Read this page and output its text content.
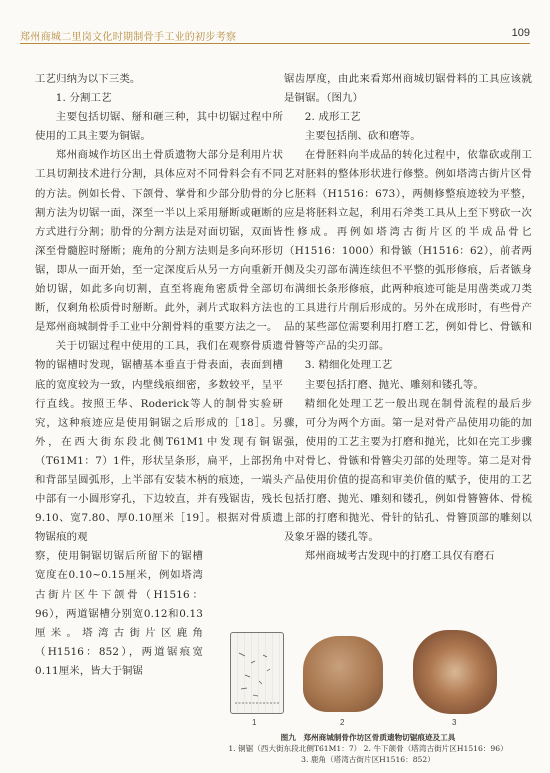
郑州商城二里岗文化时期制骨手工业的初步考察	109

工艺归纳为以下三类。

1. 分割工艺

主要包括切锯、掰和砸三种，其中切锯过程中所使用的工具主要为铜锯。

郑州商城作坊区出土骨质遗物大部分是利用片状工具切割技术进行分割，具体应对不同骨料会有不同的方法。例如长骨、下颌骨、掌骨和少部分肋骨的分割方法为切锯一面，深至一半以上采用掰断或砸断的方式进行分割；肋骨的分割方法是对面切锯，双面皆深至骨髓腔时掰断；鹿角的分割方法则是多向环形切锯，即从一面开始，至一定深度后从另一方向重新开始切锯，如此多向切割，直至将鹿角密质骨全部切断，仅剩角松质骨时掰断。此外，剥片式取料方法也是郑州商城制骨手工业中分割骨料的重要方法之一。

关于切锯过程中使用的工具，我们在观察骨质遗物的锯槽时发现，锯槽基本垂直于骨表面，表面到槽底的宽度较为一致，内壁线痕细密，多数较平，呈平行直线。按照王华、Roderick等人的制骨实验研究，这种痕迹应是使用铜锯之后形成的［18］。另外，在西大街东段北侧T61M1中发现有铜锯（T61M1：7）1件，形状呈条形，扁平，上部拐角和背部呈圆弧形，上半部有安装木柄的痕迹，一端头中部有一小圆形穿孔，下边较直，并有残锯齿，残长9.10、宽7.80、厚0.10厘米［19］。根据对骨质遗物锯痕的观

察，使用铜锯切锯后所留下的锯槽宽度在0.10~0.15厘米，例如塔湾古街片区牛下颌骨（H1516：96），两道锯槽分别宽0.12和0.13厘米。塔湾古街片区鹿角（H1516：852），两道锯痕宽0.11厘米，皆大于铜锯

锯齿厚度，由此来看郑州商城切锯骨料的工具应该就是铜锯。（图九）

2. 成形工艺

主要包括削、砍和磨等。

在骨胚料向半成品的转化过程中，依靠砍或削工艺对胚料的整体形状进行修整。例如塔湾古街片区骨匕胚料（H1516：673），两侧修整痕迹较为平整，应是将胚料立起，利用石斧类工具从上至下劈砍一次性修成。再例如塔湾古街片区的半成品骨匕（H1516：1000）和骨镞（H1516：62），前者两侧及尖刃部布满连续但不平整的弧形修痕，后者镞身布满细长条形修痕，此两种痕迹可能是用凿类或刀类的工具进行片削后形成的。另外在成形时，有些骨产品的某些部位需要利用打磨工艺，例如骨匕、骨镞和骨簪等产品的尖刃部。

3. 精细化处理工艺

主要包括打磨、抛光、雕刻和镂孔等。

精细化处理工艺一般出现在制骨流程的最后步骤，可分为两个方面。第一是对骨产品使用功能的加强，使用的工艺主要为打磨和抛光，比如在完工步骤中对骨匕、骨镞和骨簪尖刃部的处理等。第二是对骨产品使用价值的提高和审美价值的赋予，使用的工艺包括打磨、抛光、雕刻和镂孔，例如骨簪簪体、骨梳上部的打磨和抛光、骨针的钻孔、骨簪顶部的雕刻以及象牙器的镂孔等。

郑州商城考古发现中的打磨工具仅有磨石

1	2	3
图九　郑州商城制骨作坊区骨质遗物切锯痕迹及工具
1. 铜锯（西大街东段北侧T61M1：7） 2. 牛下颌骨（塔湾古街片区H1516：96）
3. 鹿角（塔湾古街片区H1516：852）
